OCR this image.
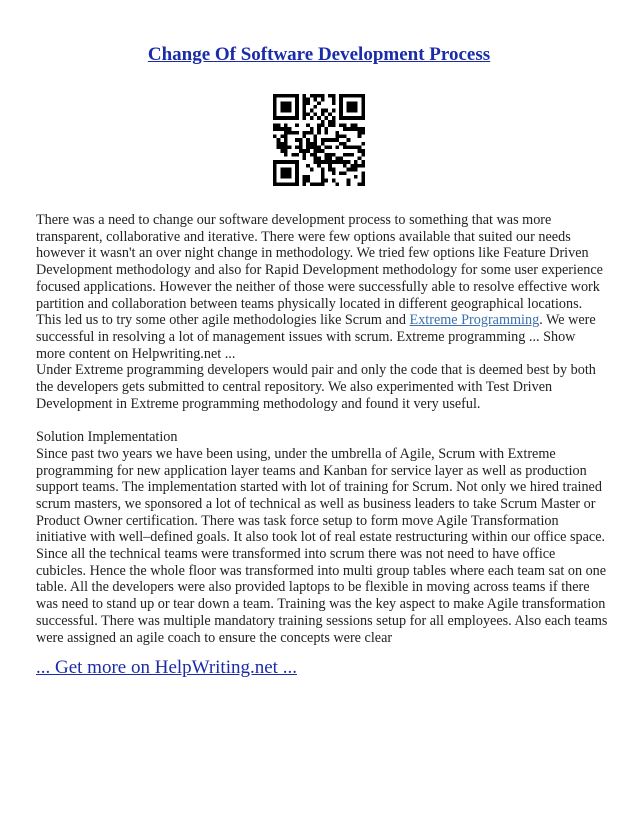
Change Of Software Development Process

There was a need to change our software development process to something that was more transparent, collaborative and iterative. There were few options available that suited our needs however it wasn't an over night change in methodology. We tried few options like Feature Driven Development methodology and also for Rapid Development methodology for some user experience focused applications. However the neither of those were successfully able to resolve effective work partition and collaboration between teams physically located in different geographical locations. This led us to try some other agile methodologies like Scrum and Extreme Programming. We were successful in resolving a lot of management issues with scrum. Extreme programming ... Show more content on Helpwriting.net ...

Under Extreme programming developers would pair and only the code that is deemed best by both the developers gets submitted to central repository. We also experimented with Test Driven Development in Extreme programming methodology and found it very useful.

Solution Implementation

Since past two years we have been using, under the umbrella of Agile, Scrum with Extreme programming for new application layer teams and Kanban for service layer as well as production support teams. The implementation started with lot of training for Scrum. Not only we hired trained scrum masters, we sponsored a lot of technical as well as business leaders to take Scrum Master or Product Owner certification. There was task force setup to form move Agile Transformation initiative with well–defined goals. It also took lot of real estate restructuring within our office space. Since all the technical teams were transformed into scrum there was not need to have office cubicles. Hence the whole floor was transformed into multi group tables where each team sat on one table. All the developers were also provided laptops to be flexible in moving across teams if there was need to stand up or tear down a team. Training was the key aspect to make Agile transformation successful. There was multiple mandatory training sessions setup for all employees. Also each teams were assigned an agile coach to ensure the concepts were clear

... Get more on HelpWriting.net ...
